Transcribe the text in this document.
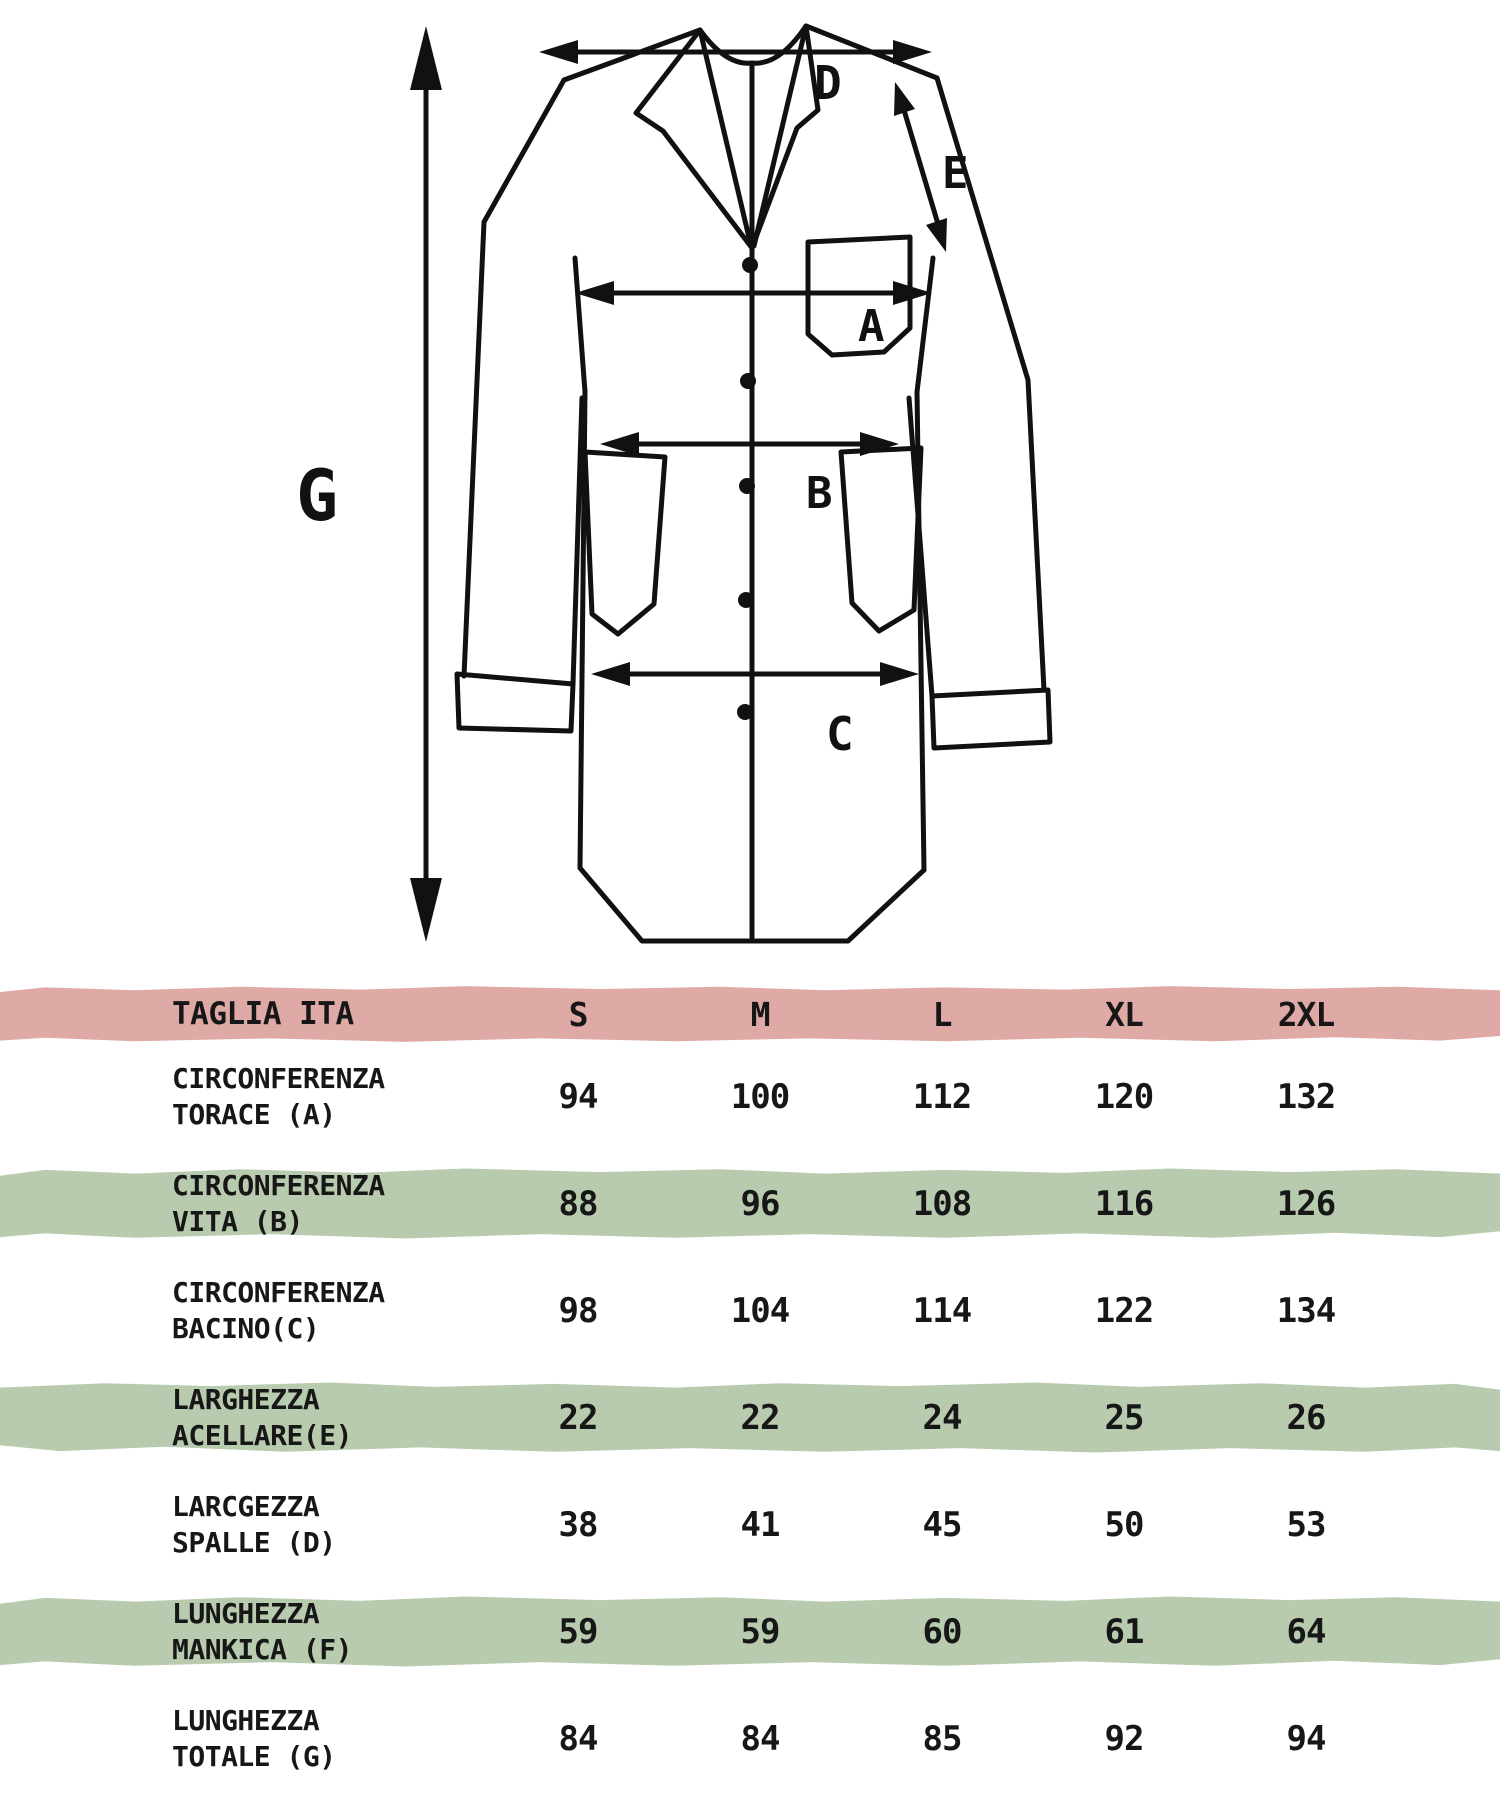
D
E
A
B
C
G
TAGLIA ITA	S	M	L	XL	2XL
CIRCONFERENZA
TORACE (A)	94	100	112	120	132
CIRCONFERENZA
VITA (B)	88	96	108	116	126
CIRCONFERENZA
BACINO(C)	98	104	114	122	134
LARGHEZZA
ACELLARE(E)	22	22	24	25	26
LARCGEZZA
SPALLE (D)	38	41	45	50	53
LUNGHEZZA
MANKICA (F)	59	59	60	61	64
LUNGHEZZA
TOTALE (G)	84	84	85	92	94
